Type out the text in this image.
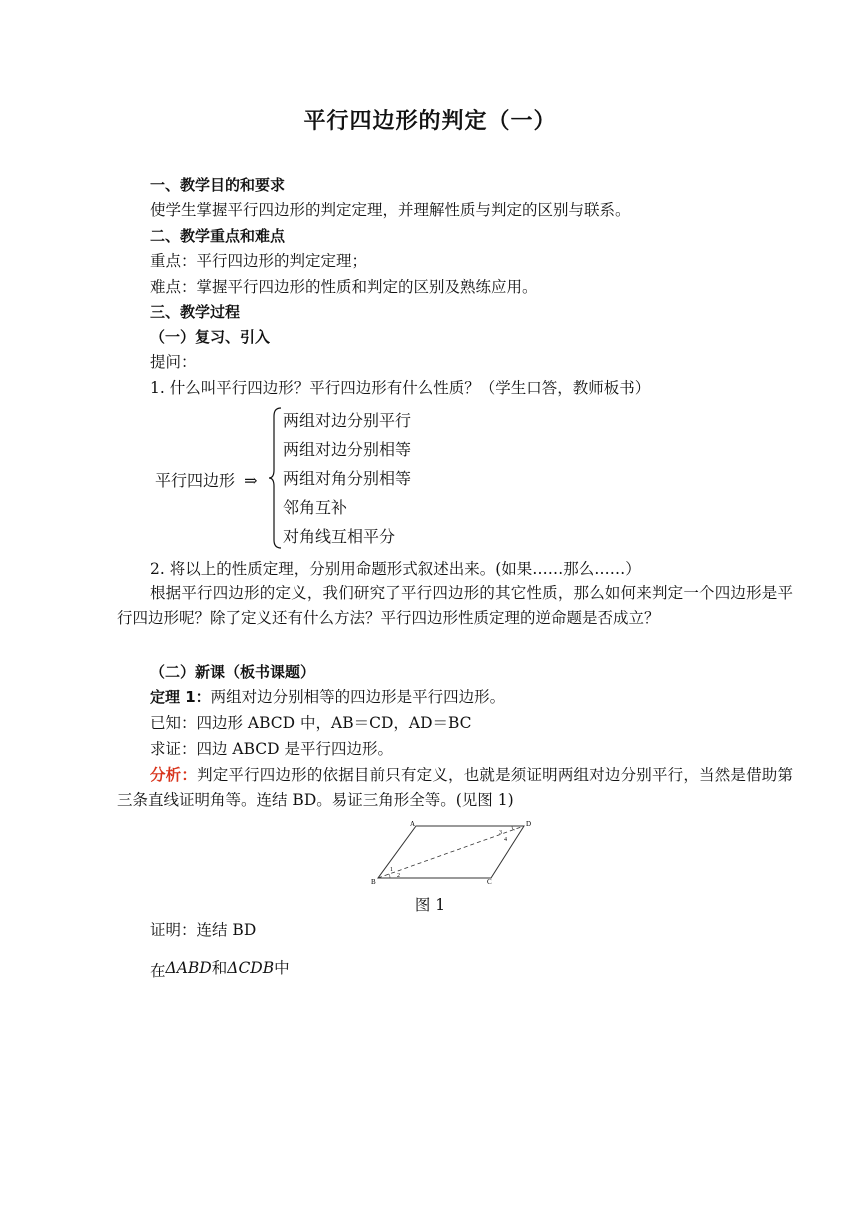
平行四边形的判定（一）
一、教学目的和要求
使学生掌握平行四边形的判定定理，并理解性质与判定的区别与联系。
二、教学重点和难点
重点：平行四边形的判定定理；
难点：掌握平行四边形的性质和判定的区别及熟练应用。
三、教学过程
（一）复习、引入
提问：
1. 什么叫平行四边形？平行四边形有什么性质？（学生口答，教师板书）
平行四边形 ⇒
两组对边分别平行
两组对边分别相等
两组对角分别相等
邻角互补
对角线互相平分
2. 将以上的性质定理，分别用命题形式叙述出来。(如果……那么……）
根据平行四边形的定义，我们研究了平行四边形的其它性质，那么如何来判定一个四边形是平行四边形呢？除了定义还有什么方法？平行四边形性质定理的逆命题是否成立？
（二）新课（板书课题）
定理 1：两组对边分别相等的四边形是平行四边形。
已知：四边形 ABCD 中，AB＝CD，AD＝BC
求证：四边 ABCD 是平行四边形。
分析：判定平行四边形的依据目前只有定义，也就是须证明两组对边分别平行，当然是借助第三条直线证明角等。连结 BD。易证三角形全等。(见图 1)
A	D
B	C
1
2
3
4
图 1
证明：连结 BD
在ΔABD和ΔCDB中
